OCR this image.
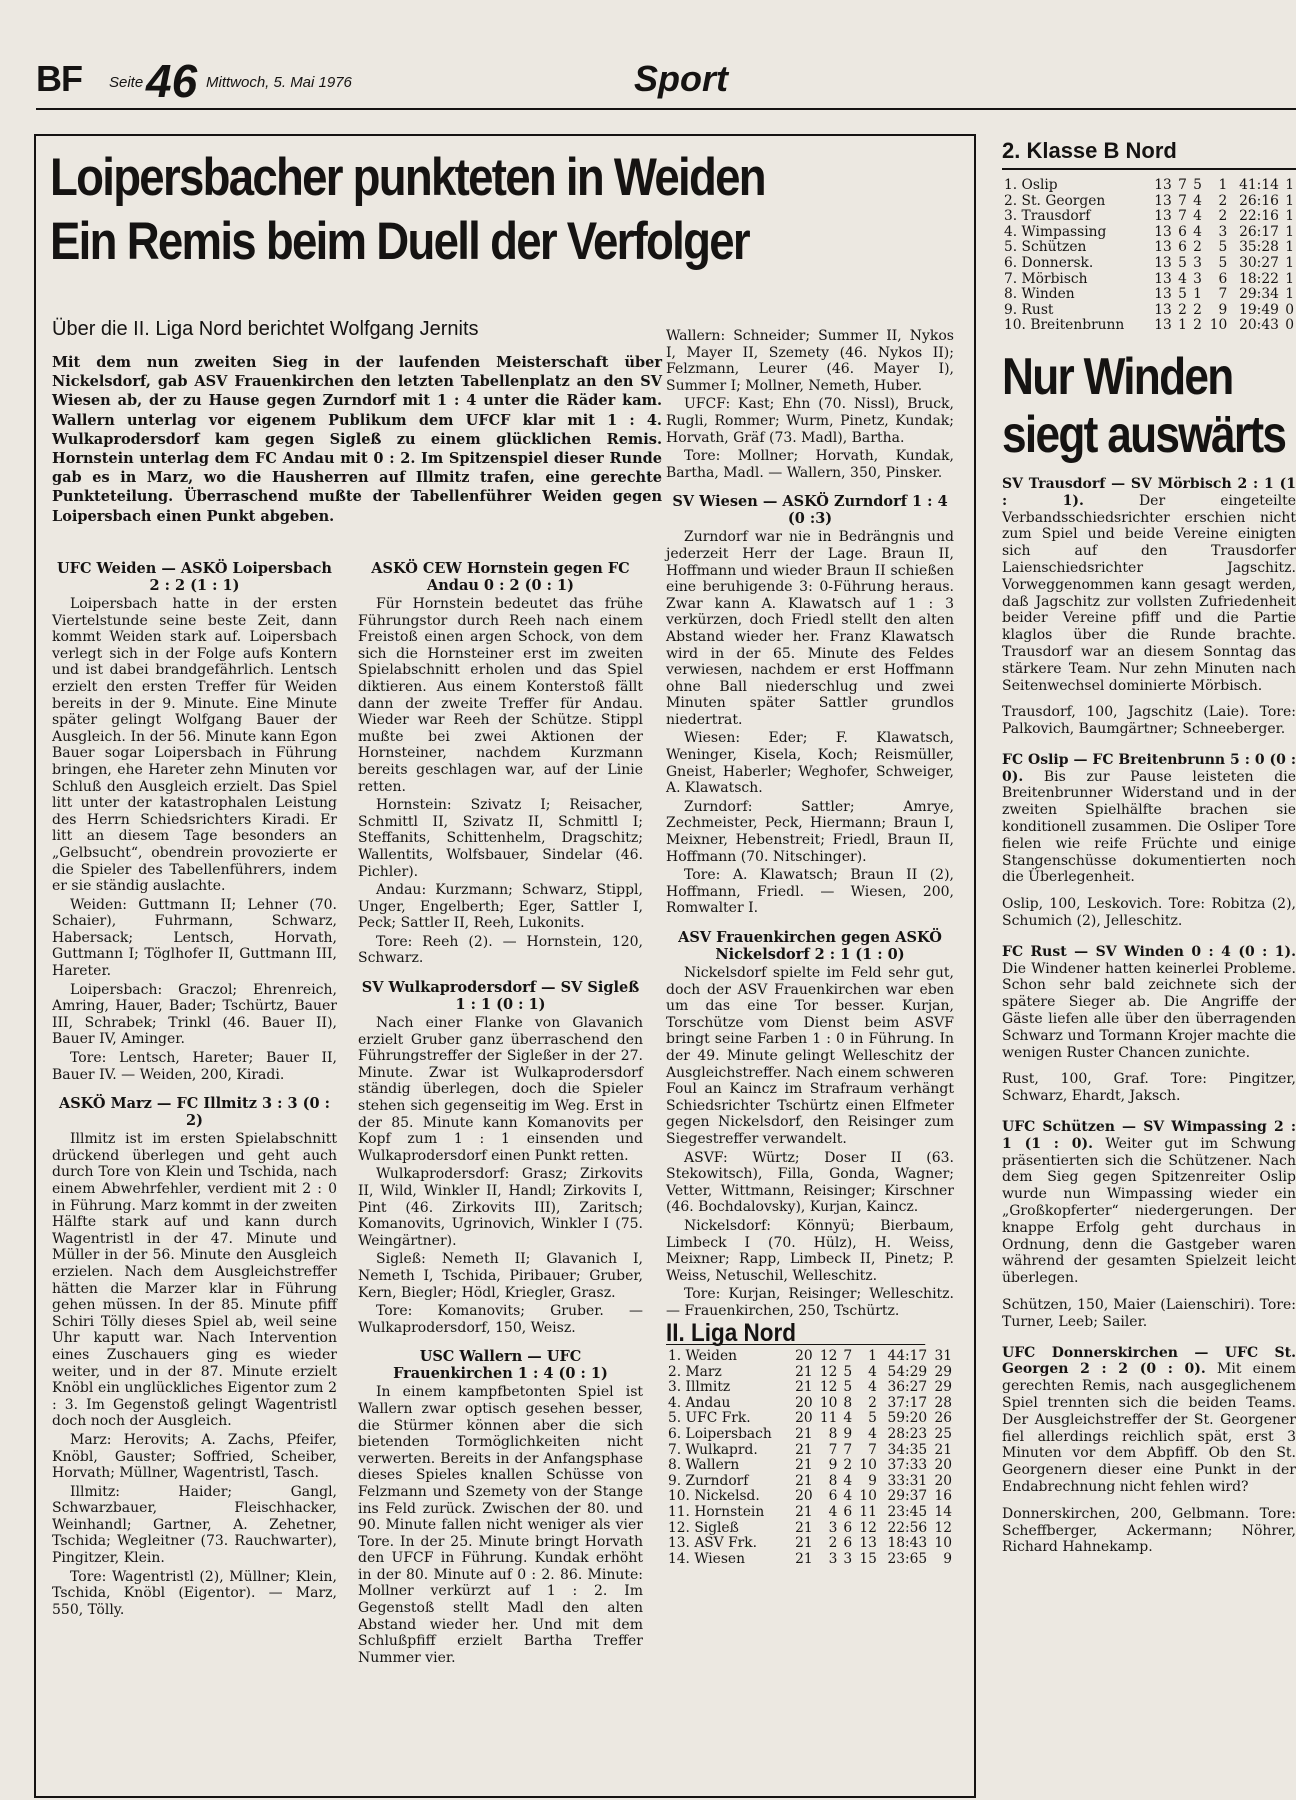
BF Seite 46 Mittwoch, 5. Mai 1976	Sport
Loipersbacher punkteten in Weiden
Ein Remis beim Duell der Verfolger
Über die II. Liga Nord berichtet Wolfgang Jernits
Mit dem nun zweiten Sieg in der laufenden Meisterschaft über Nickelsdorf, gab ASV Frauenkirchen den letzten Tabellenplatz an den SV Wiesen ab, der zu Hause gegen Zurndorf mit 1 : 4 unter die Räder kam. Wallern unterlag vor eigenem Publikum dem UFCF klar mit 1 : 4. Wulkaprodersdorf kam gegen Sigleß zu einem glücklichen Remis. Hornstein unterlag dem FC Andau mit 0 : 2. Im Spitzenspiel dieser Runde gab es in Marz, wo die Hausherren auf Illmitz trafen, eine gerechte Punkteteilung. Überraschend mußte der Tabellenführer Weiden gegen Loipersbach einen Punkt abgeben.
UFC Weiden — ASKÖ Loipersbach 2 : 2 (1 : 1)

Loipersbach hatte in der ersten Viertelstunde seine beste Zeit, dann kommt Weiden stark auf. Loipersbach verlegt sich in der Folge aufs Kontern und ist dabei brandgefährlich. Lentsch erzielt den ersten Treffer für Weiden bereits in der 9. Minute. Eine Minute später gelingt Wolfgang Bauer der Ausgleich. In der 56. Minute kann Egon Bauer sogar Loipersbach in Führung bringen, ehe Hareter zehn Minuten vor Schluß den Ausgleich erzielt. Das Spiel litt unter der katastrophalen Leistung des Herrn Schiedsrichters Kiradi. Er litt an diesem Tage besonders an „Gelbsucht“, obendrein provozierte er die Spieler des Tabellenführers, indem er sie ständig auslachte.

Weiden: Guttmann II; Lehner (70. Schaier), Fuhrmann, Schwarz, Habersack; Lentsch, Horvath, Guttmann I; Töglhofer II, Guttmann III, Hareter.

Loipersbach: Graczol; Ehrenreich, Amring, Hauer, Bader; Tschürtz, Bauer III, Schrabek; Trinkl (46. Bauer II), Bauer IV, Aminger.

Tore: Lentsch, Hareter; Bauer II, Bauer IV. — Weiden, 200, Kiradi.

ASKÖ Marz — FC Illmitz 3 : 3 (0 : 2)

Illmitz ist im ersten Spielabschnitt drückend überlegen und geht auch durch Tore von Klein und Tschida, nach einem Abwehrfehler, verdient mit 2 : 0 in Führung. Marz kommt in der zweiten Hälfte stark auf und kann durch Wagentristl in der 47. Minute und Müller in der 56. Minute den Ausgleich erzielen. Nach dem Ausgleichstreffer hätten die Marzer klar in Führung gehen müssen. In der 85. Minute pfiff Schiri Tölly dieses Spiel ab, weil seine Uhr kaputt war. Nach Intervention eines Zuschauers ging es wieder weiter, und in der 87. Minute erzielt Knöbl ein unglückliches Eigentor zum 2 : 3. Im Gegenstoß gelingt Wagentristl doch noch der Ausgleich.

Marz: Herovits; A. Zachs, Pfeifer, Knöbl, Gauster; Soffried, Scheiber, Horvath; Müllner, Wagentristl, Tasch.

Illmitz: Haider; Gangl, Schwarzbauer, Fleischhacker, Weinhandl; Gartner, A. Zehetner, Tschida; Wegleitner (73. Rauchwarter), Pingitzer, Klein.

Tore: Wagentristl (2), Müllner; Klein, Tschida, Knöbl (Eigentor). — Marz, 550, Tölly.

ASKÖ CEW Hornstein gegen FC Andau 0 : 2 (0 : 1)

Für Hornstein bedeutet das frühe Führungstor durch Reeh nach einem Freistoß einen argen Schock, von dem sich die Hornsteiner erst im zweiten Spielabschnitt erholen und das Spiel diktieren. Aus einem Konterstoß fällt dann der zweite Treffer für Andau. Wieder war Reeh der Schütze. Stippl mußte bei zwei Aktionen der Hornsteiner, nachdem Kurzmann bereits geschlagen war, auf der Linie retten.

Hornstein: Szivatz I; Reisacher, Schmittl II, Szivatz II, Schmittl I; Steffanits, Schittenhelm, Dragschitz; Wallentits, Wolfsbauer, Sindelar (46. Pichler).

Andau: Kurzmann; Schwarz, Stippl, Unger, Engelberth; Eger, Sattler I, Peck; Sattler II, Reeh, Lukonits.

Tore: Reeh (2). — Hornstein, 120, Schwarz.

SV Wulkaprodersdorf — SV Sigleß 1 : 1 (0 : 1)

Nach einer Flanke von Glavanich erzielt Gruber ganz überraschend den Führungstreffer der Sigleßer in der 27. Minute. Zwar ist Wulkaprodersdorf ständig überlegen, doch die Spieler stehen sich gegenseitig im Weg. Erst in der 85. Minute kann Komanovits per Kopf zum 1 : 1 einsenden und Wulkaprodersdorf einen Punkt retten.

Wulkaprodersdorf: Grasz; Zirkovits II, Wild, Winkler II, Handl; Zirkovits I, Pint (46. Zirkovits III), Zaritsch; Komanovits, Ugrinovich, Winkler I (75. Weingärtner).

Sigleß: Nemeth II; Glavanich I, Nemeth I, Tschida, Piribauer; Gruber, Kern, Biegler; Hödl, Kriegler, Grasz.

Tore: Komanovits; Gruber. — Wulkaprodersdorf, 150, Weisz.

USC Wallern — UFC Frauenkirchen 1 : 4 (0 : 1)

In einem kampfbetonten Spiel ist Wallern zwar optisch gesehen besser, die Stürmer können aber die sich bietenden Tormöglichkeiten nicht verwerten. Bereits in der Anfangsphase dieses Spieles knallen Schüsse von Felzmann und Szemety von der Stange ins Feld zurück. Zwischen der 80. und 90. Minute fallen nicht weniger als vier Tore. In der 25. Minute bringt Horvath den UFCF in Führung. Kundak erhöht in der 80. Minute auf 0 : 2. 86. Minute: Mollner verkürzt auf 1 : 2. Im Gegenstoß stellt Madl den alten Abstand wieder her. Und mit dem Schlußpfiff erzielt Bartha Treffer Nummer vier.

Wallern: Schneider; Summer II, Nykos I, Mayer II, Szemety (46. Nykos II); Felzmann, Leurer (46. Mayer I), Summer I; Mollner, Nemeth, Huber.

UFCF: Kast; Ehn (70. Nissl), Bruck, Rugli, Rommer; Wurm, Pinetz, Kundak; Horvath, Gräf (73. Madl), Bartha.

Tore: Mollner; Horvath, Kundak, Bartha, Madl. — Wallern, 350, Pinsker.

SV Wiesen — ASKÖ Zurndorf 1 : 4 (0 :3)

Zurndorf war nie in Bedrängnis und jederzeit Herr der Lage. Braun II, Hoffmann und wieder Braun II schießen eine beruhigende 3: 0-Führung heraus. Zwar kann A. Klawatsch auf 1 : 3 verkürzen, doch Friedl stellt den alten Abstand wieder her. Franz Klawatsch wird in der 65. Minute des Feldes verwiesen, nachdem er erst Hoffmann ohne Ball niederschlug und zwei Minuten später Sattler grundlos niedertrat.

Wiesen: Eder; F. Klawatsch, Weninger, Kisela, Koch; Reismüller, Gneist, Haberler; Weghofer, Schweiger, A. Klawatsch.

Zurndorf: Sattler; Amrye, Zechmeister, Peck, Hiermann; Braun I, Meixner, Hebenstreit; Friedl, Braun II, Hoffmann (70. Nitschinger).

Tore: A. Klawatsch; Braun II (2), Hoffmann, Friedl. — Wiesen, 200, Romwalter I.

ASV Frauenkirchen gegen ASKÖ Nickelsdorf 2 : 1 (1 : 0)

Nickelsdorf spielte im Feld sehr gut, doch der ASV Frauenkirchen war eben um das eine Tor besser. Kurjan, Torschütze vom Dienst beim ASVF bringt seine Farben 1 : 0 in Führung. In der 49. Minute gelingt Welleschitz der Ausgleichstreffer. Nach einem schweren Foul an Kaincz im Strafraum verhängt Schiedsrichter Tschürtz einen Elfmeter gegen Nickelsdorf, den Reisinger zum Siegestreffer verwandelt.

ASVF: Würtz; Doser II (63. Stekowitsch), Filla, Gonda, Wagner; Vetter, Wittmann, Reisinger; Kirschner (46. Bochdalovsky), Kurjan, Kaincz.

Nickelsdorf: Könnyü; Bierbaum, Limbeck I (70. Hülz), H. Weiss, Meixner; Rapp, Limbeck II, Pinetz; P. Weiss, Netuschil, Welleschitz.

Tore: Kurjan, Reisinger; Welleschitz. — Frauenkirchen, 250, Tschürtz.

II. Liga Nord
1. Weiden	20	12	7	1	44:17	31
2. Marz	21	12	5	4	54:29	29
3. Illmitz	21	12	5	4	36:27	29
4. Andau	20	10	8	2	37:17	28
5. UFC Frk.	20	11	4	5	59:20	26
6. Loipersbach	21	8	9	4	28:23	25
7. Wulkaprd.	21	7	7	7	34:35	21
8. Wallern	21	9	2	10	37:33	20
9. Zurndorf	21	8	4	9	33:31	20
10. Nickelsd.	20	6	4	10	29:37	16
11. Hornstein	21	4	6	11	23:45	14
12. Sigleß	21	3	6	12	22:56	12
13. ASV Frk.	21	2	6	13	18:43	10
14. Wiesen	21	3	3	15	23:65	9
2. Klasse B Nord
1. Oslip	13	7	5	1	41:14	1
2. St. Georgen	13	7	4	2	26:16	1
3. Trausdorf	13	7	4	2	22:16	1
4. Wimpassing	13	6	4	3	26:17	1
5. Schützen	13	6	2	5	35:28	1
6. Donnersk.	13	5	3	5	30:27	1
7. Mörbisch	13	4	3	6	18:22	1
8. Winden	13	5	1	7	29:34	1
9. Rust	13	2	2	9	19:49	0
10. Breitenbrunn	13	1	2	10	20:43	0
Nur Winden
siegt auswärts

SV Trausdorf — SV Mörbisch 2 : 1 (1 : 1).	Der eingeteilte Verbandsschiedsrichter erschien nicht zum Spiel und beide Vereine einigten sich auf den Trausdorfer Laienschiedsrichter Jagschitz. Vorweggenommen kann gesagt werden, daß Jagschitz zur vollsten Zufriedenheit beider Vereine pfiff und die Partie klaglos über die Runde brachte. Trausdorf war an diesem Sonntag das stärkere Team. Nur zehn Minuten nach Seitenwechsel dominierte Mörbisch.

Trausdorf, 100, Jagschitz (Laie). Tore: Palkovich, Baumgärtner; Schneeberger.

FC Oslip — FC Breitenbrunn 5 : 0 (0 : 0). Bis zur Pause leisteten die Breitenbrunner Widerstand und in der zweiten Spielhälfte brachen sie konditionell zusammen. Die Osliper Tore fielen wie reife Früchte und einige Stangenschüsse dokumentierten noch die Überlegenheit.

Oslip, 100, Leskovich. Tore: Robitza (2), Schumich (2), Jelleschitz.

FC Rust — SV Winden 0 : 4 (0 : 1). Die Windener hatten keinerlei Probleme. Schon sehr bald zeichnete sich der spätere Sieger ab. Die Angriffe der Gäste liefen alle über den überragenden Schwarz und Tormann Krojer machte die wenigen Ruster Chancen zunichte.

Rust, 100, Graf. Tore: Pingitzer, Schwarz, Ehardt, Jaksch.

UFC Schützen — SV Wimpassing 2 : 1 (1 : 0). Weiter gut im Schwung präsentierten sich die Schützener. Nach dem Sieg gegen Spitzenreiter Oslip wurde nun Wimpassing wieder ein „Großkopferter“ niedergerungen. Der knappe Erfolg geht durchaus in Ordnung, denn die Gastgeber waren während der gesamten Spielzeit leicht überlegen.

Schützen, 150, Maier (Laienschiri). Tore: Turner, Leeb; Sailer.

UFC Donnerskirchen — UFC St. Georgen 2 : 2 (0 : 0). Mit einem gerechten Remis, nach ausgeglichenem Spiel trennten sich die beiden Teams. Der Ausgleichstreffer der St. Georgener fiel allerdings reichlich spät, erst 3 Minuten vor dem Abpfiff. Ob den St. Georgenern dieser eine Punkt in der Endabrechnung nicht fehlen wird?

Donnerskirchen, 200, Gelbmann. Tore: Scheffberger, Ackermann; Nöhrer, Richard Hahnekamp.
